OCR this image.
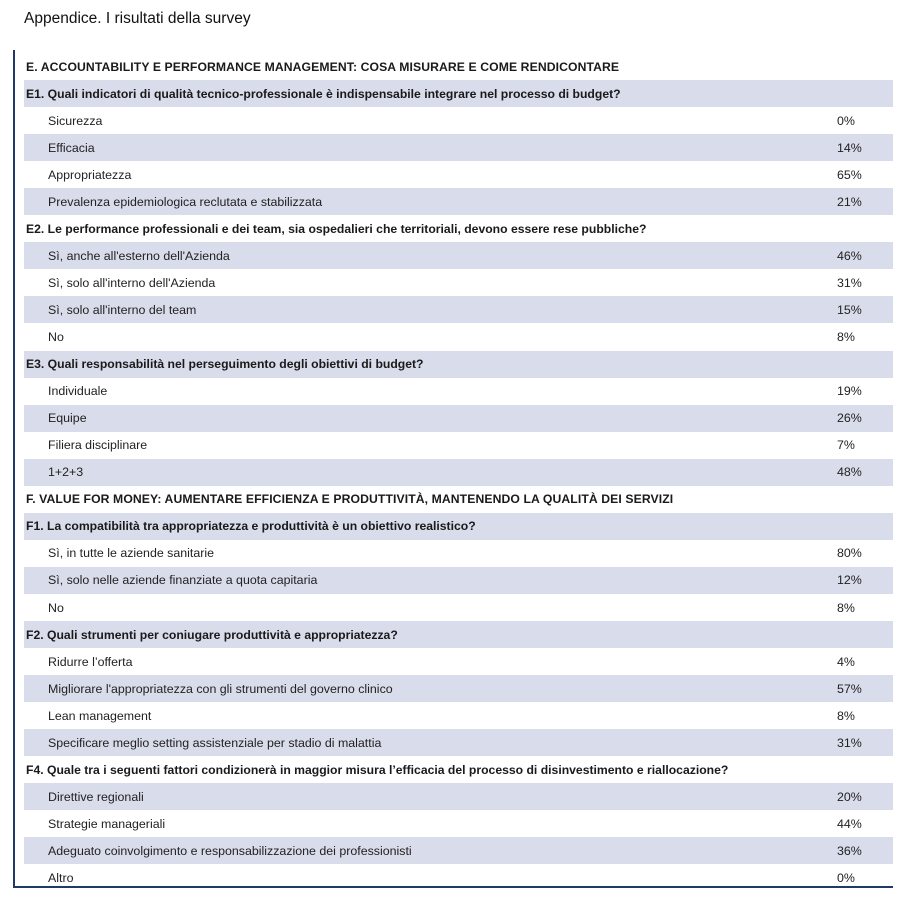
Appendice. I risultati della survey
E. ACCOUNTABILITY E PERFORMANCE MANAGEMENT: COSA MISURARE E COME RENDICONTARE
E1. Quali indicatori di qualità tecnico-professionale è indispensabile integrare nel processo di budget?
Sicurezza	0%
Efficacia	14%
Appropriatezza	65%
Prevalenza epidemiologica reclutata e stabilizzata	21%
E2. Le performance professionali e dei team, sia ospedalieri che territoriali, devono essere rese pubbliche?
Sì, anche all'esterno dell'Azienda	46%
Sì, solo all'interno dell'Azienda	31%
Sì, solo all'interno del team	15%
No	8%
E3. Quali responsabilità nel perseguimento degli obiettivi di budget?
Individuale	19%
Equipe	26%
Filiera disciplinare	7%
1+2+3	48%
F. VALUE FOR MONEY: AUMENTARE EFFICIENZA E PRODUTTIVITÀ, MANTENENDO LA QUALITÀ DEI SERVIZI
F1. La compatibilità tra appropriatezza e produttività è un obiettivo realistico?
Sì, in tutte le aziende sanitarie	80%
Sì, solo nelle aziende finanziate a quota capitaria	12%
No	8%
F2. Quali strumenti per coniugare produttività e appropriatezza?
Ridurre l’offerta	4%
Migliorare l'appropriatezza con gli strumenti del governo clinico	57%
Lean management	8%
Specificare meglio setting assistenziale per stadio di malattia	31%
F4. Quale tra i seguenti fattori condizionerà in maggior misura l’efficacia del processo di disinvestimento e riallocazione?
Direttive regionali	20%
Strategie manageriali	44%
Adeguato coinvolgimento e responsabilizzazione dei professionisti	36%
Altro	0%
